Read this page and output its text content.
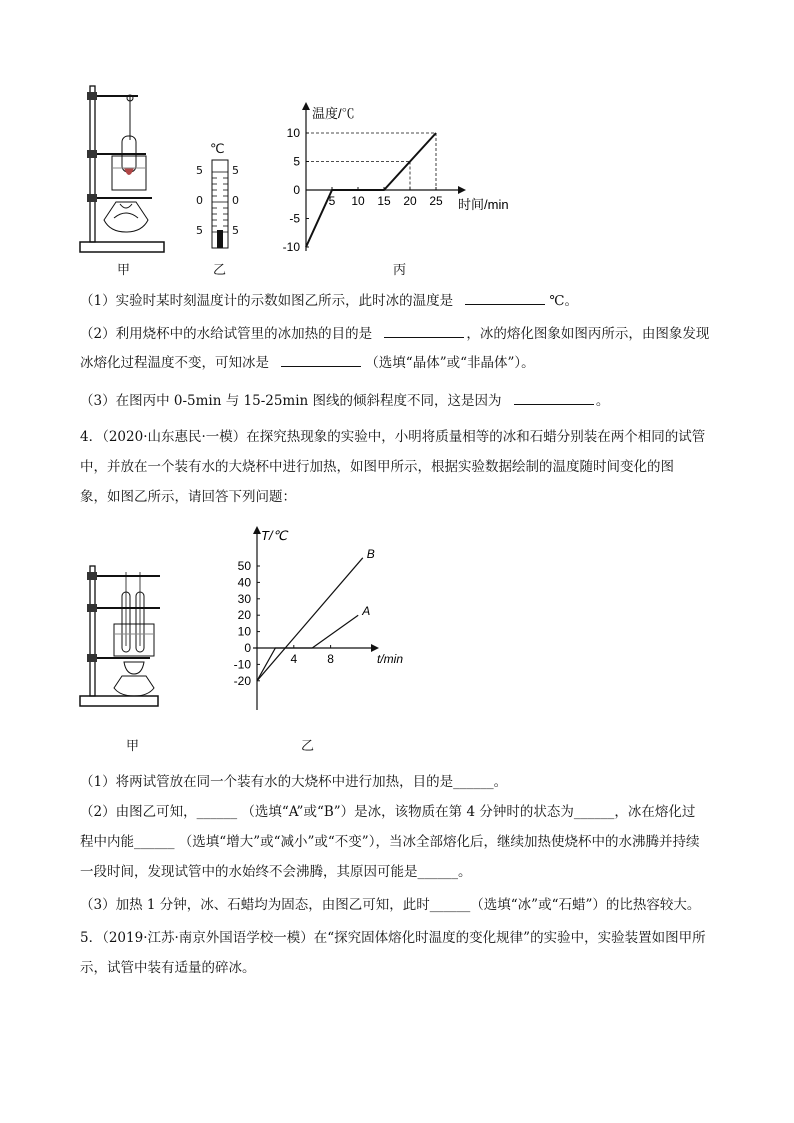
甲
℃
5
0
5
5
0
5
乙
温度/℃
时间/min
5 10 15 20 25
10
5
0
-5
-10
丙
（1）实验时某时刻温度计的示数如图乙所示，此时冰的温度是	℃。
（2）利用烧杯中的水给试管里的冰加热的目的是	，冰的熔化图象如图丙所示，由图象发现
冰熔化过程温度不变，可知冰是	（选填“晶体”或“非晶体”）。
（3）在图丙中 0-5min 与 15-25min 图线的倾斜程度不同，这是因为	。
4．（2020·山东惠民·一模）在探究热现象的实验中，小明将质量相等的冰和石蜡分别装在两个相同的试管
中，并放在一个装有水的大烧杯中进行加热，如图甲所示，根据实验数据绘制的温度随时间变化的图
象，如图乙所示，请回答下列问题：
甲
T/℃
t/min
4	8
50
40
30
20
10
0
-10
-20
B
A
乙
（1）将两试管放在同一个装有水的大烧杯中进行加热，目的是______。
（2）由图乙可知，______ （选填“A”或“B”）是冰，该物质在第 4 分钟时的状态为______，冰在熔化过
程中内能______ （选填“增大”或“减小”或“不变”），当冰全部熔化后，继续加热使烧杯中的水沸腾并持续
一段时间，发现试管中的水始终不会沸腾，其原因可能是______。
（3）加热 1 分钟，冰、石蜡均为固态，由图乙可知，此时______（选填“冰”或“石蜡”）的比热容较大。
5．（2019·江苏·南京外国语学校一模）在“探究固体熔化时温度的变化规律”的实验中，实验装置如图甲所
示，试管中装有适量的碎冰。
